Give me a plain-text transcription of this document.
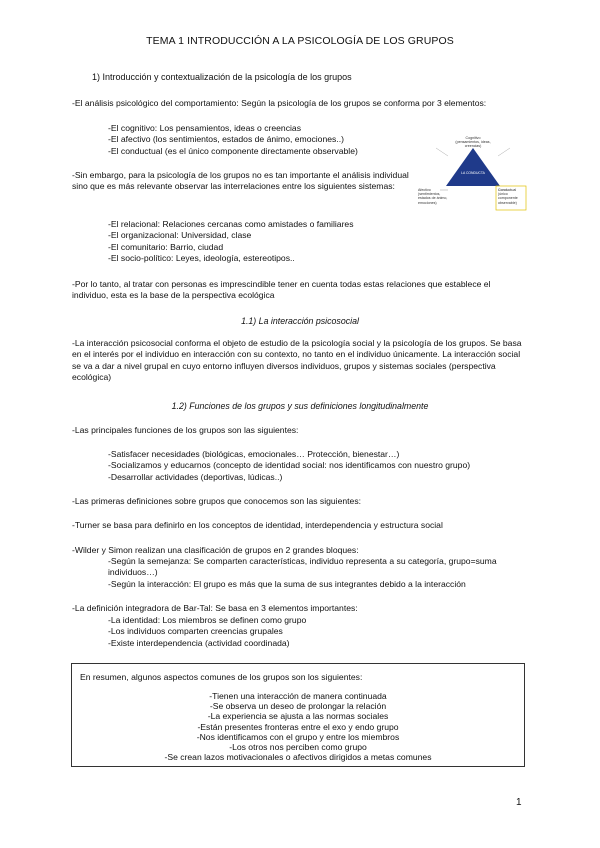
TEMA 1 INTRODUCCIÓN A LA PSICOLOGÍA DE LOS GRUPOS
1) Introducción y contextualización de la psicología de los grupos
-El análisis psicológico del comportamiento: Según la psicología de los grupos se conforma por 3 elementos:
-El cognitivo: Los pensamientos, ideas o creencias
-El afectivo (los sentimientos, estados de ánimo, emociones..)
-El conductual (es el único componente directamente observable)
-Sin embargo, para la psicología de los grupos no es tan importante el análisis individual sino que es más relevante observar las interrelaciones entre los siguientes sistemas:
Cognitivo
(pensamientos, ideas, creencias)
LA CONDUCTA
Afectivo
(sentimientos, estados de ánimo, emociones)
Conductual
(único componente observable)
-El relacional: Relaciones cercanas como amistades o familiares
-El organizacional: Universidad, clase
-El comunitario: Barrio, ciudad
-El socio-político: Leyes, ideología, estereotipos..
-Por lo tanto, al tratar con personas es imprescindible tener en cuenta todas estas relaciones que establece el individuo, esta es la base de la perspectiva ecológica
1.1) La interacción psicosocial
-La interacción psicosocial conforma el objeto de estudio de la psicología social y la psicología de los grupos. Se basa en el interés por el individuo en interacción con su contexto, no tanto en el individuo únicamente. La interacción social se va a dar a nivel grupal en cuyo entorno influyen diversos individuos, grupos y sistemas sociales (perspectiva ecológica)
1.2) Funciones de los grupos y sus definiciones longitudinalmente
-Las principales funciones de los grupos son las siguientes:
-Satisfacer necesidades (biológicas, emocionales… Protección, bienestar…)
-Socializamos y educarnos (concepto de identidad social: nos identificamos con nuestro grupo)
-Desarrollar actividades (deportivas, lúdicas..)
-Las primeras definiciones sobre grupos que conocemos son las siguientes:
-Turner se basa para definirlo en los conceptos de identidad, interdependencia y estructura social
-Wilder y Simon realizan una clasificación de grupos en 2 grandes bloques:
-Según la semejanza: Se comparten características, individuo representa a su categoría, grupo=suma individuos…)
-Según la interacción: El grupo es más que la suma de sus integrantes debido a la interacción
-La definición integradora de Bar-Tal: Se basa en 3 elementos importantes:
-La identidad: Los miembros se definen como grupo
-Los individuos comparten creencias grupales
-Existe interdependencia (actividad coordinada)
En resumen, algunos aspectos comunes de los grupos son los siguientes:
-Tienen una interacción de manera continuada
-Se observa un deseo de prolongar la relación
-La experiencia se ajusta a las normas sociales
-Están presentes fronteras entre el exo y endo grupo
-Nos identificamos con el grupo y entre los miembros
-Los otros nos perciben como grupo
-Se crean lazos motivacionales o afectivos dirigidos a metas comunes
1
